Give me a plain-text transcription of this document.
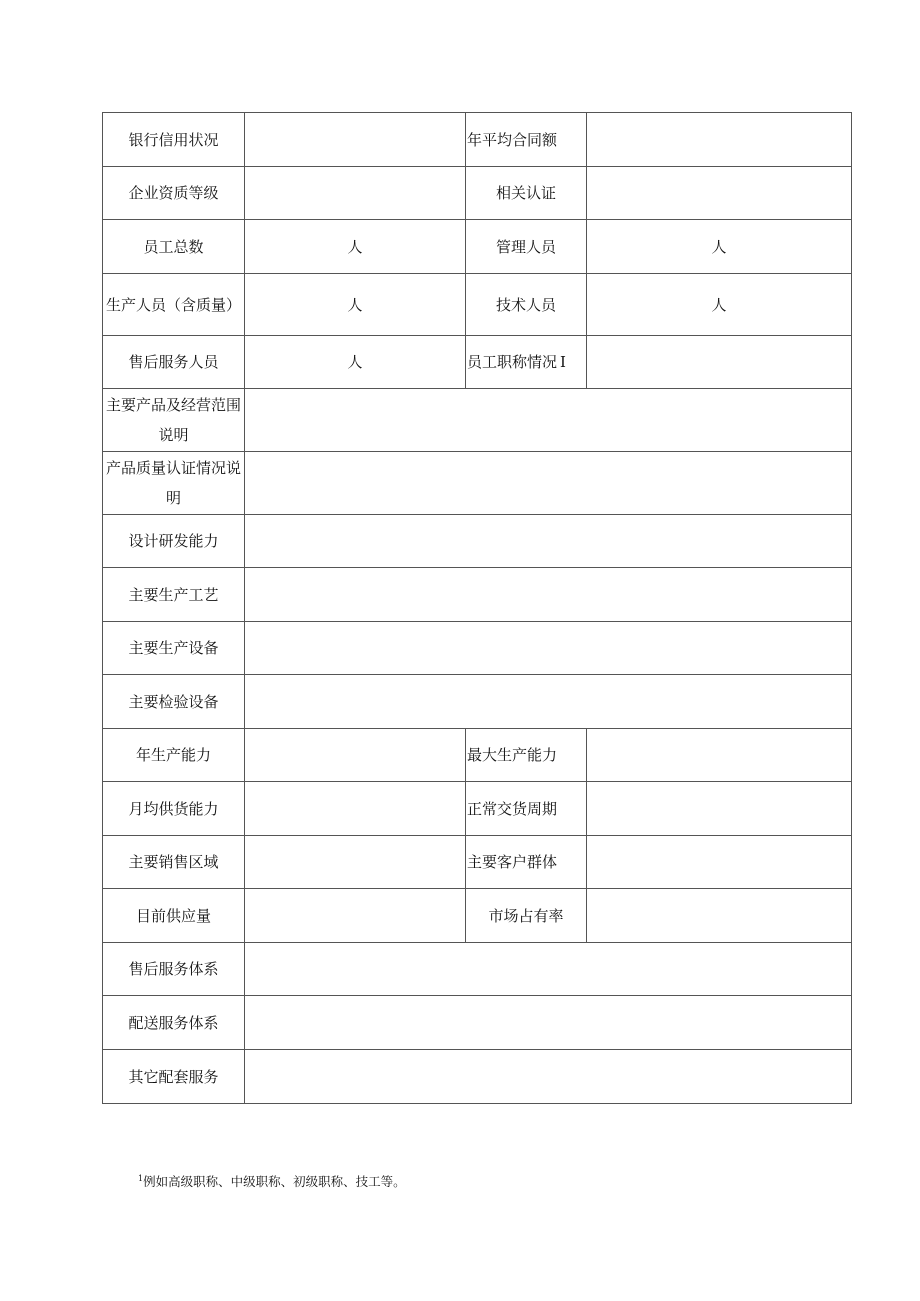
银行信用状况		年平均合同额	
企业资质等级		相关认证	
员工总数	人	管理人员	人
生产人员（含质量）	人	技术人员	人
售后服务人员	人	员工职称情况 I	
主要产品及经营范围说明			
产品质量认证情况说明			
设计研发能力			
主要生产工艺			
主要生产设备			
主要检验设备			
年生产能力		最大生产能力	
月均供货能力		正常交货周期	
主要销售区域		主要客户群体	
目前供应量		市场占有率	
售后服务体系			
配送服务体系			
其它配套服务			
$^1$例如高级职称、中级职称、初级职称、技工等。
